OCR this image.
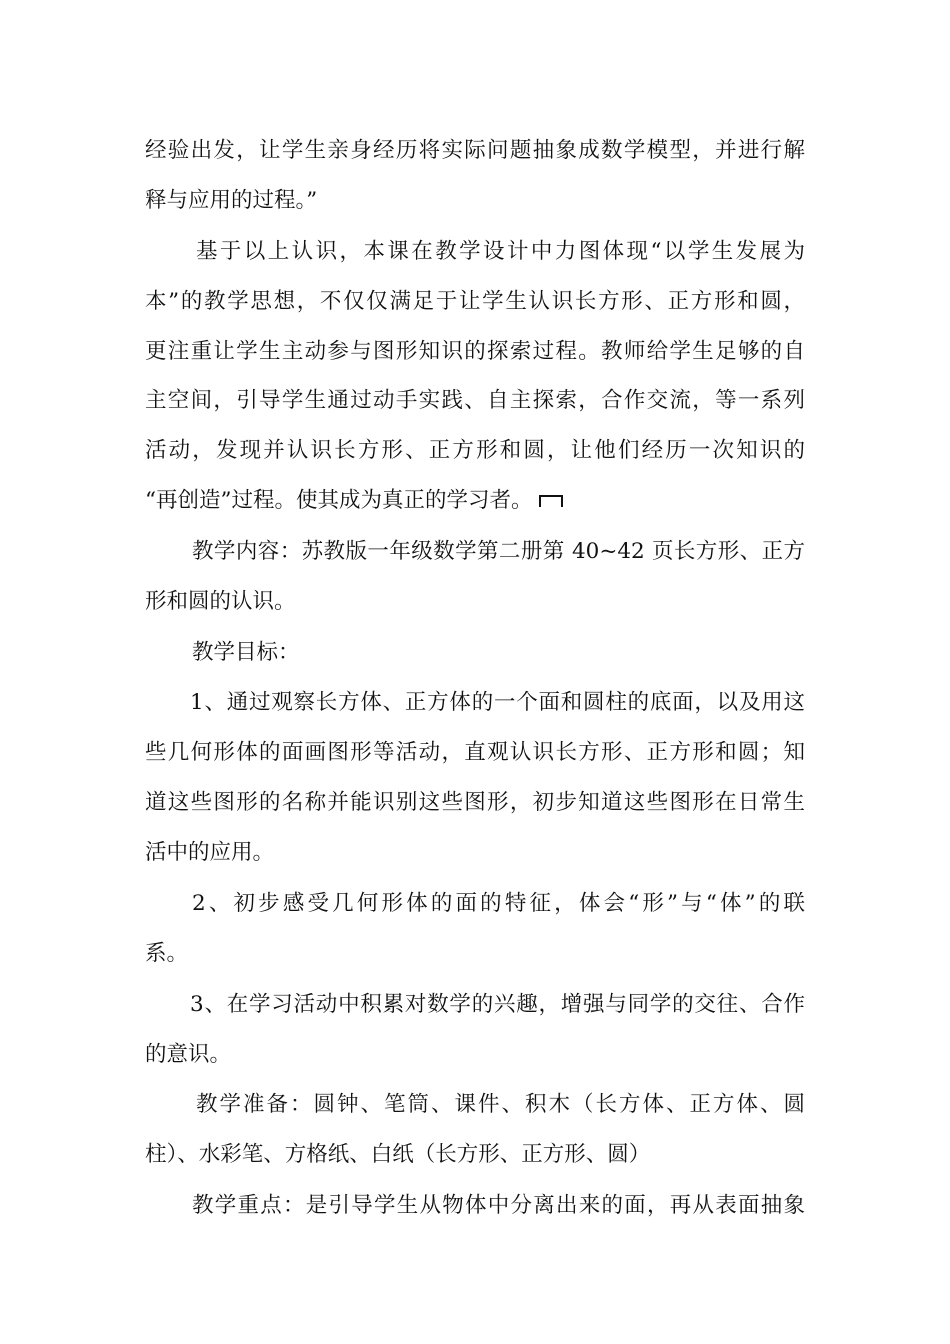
经验出发，让学生亲身经历将实际问题抽象成数学模型，并进行解
释与应用的过程。”
基于以上认识，本课在教学设计中力图体现“以学生发展为
本”的教学思想，不仅仅满足于让学生认识长方形、正方形和圆，
更注重让学生主动参与图形知识的探索过程。教师给学生足够的自
主空间，引导学生通过动手实践、自主探索，合作交流，等一系列
活动，发现并认识长方形、正方形和圆，让他们经历一次知识的
“再创造”过程。使其成为真正的学习者。
教学内容：苏教版一年级数学第二册第 40~42 页长方形、正方
形和圆的认识。
教学目标：
1、通过观察长方体、正方体的一个面和圆柱的底面，以及用这
些几何形体的面画图形等活动，直观认识长方形、正方形和圆；知
道这些图形的名称并能识别这些图形，初步知道这些图形在日常生
活中的应用。
2、初步感受几何形体的面的特征，体会“形”与“体”的联
系。
3、在学习活动中积累对数学的兴趣，增强与同学的交往、合作
的意识。
教学准备：圆钟、笔筒、课件、积木（长方体、正方体、圆
柱）、水彩笔、方格纸、白纸（长方形、正方形、圆）
教学重点：是引导学生从物体中分离出来的面，再从表面抽象
